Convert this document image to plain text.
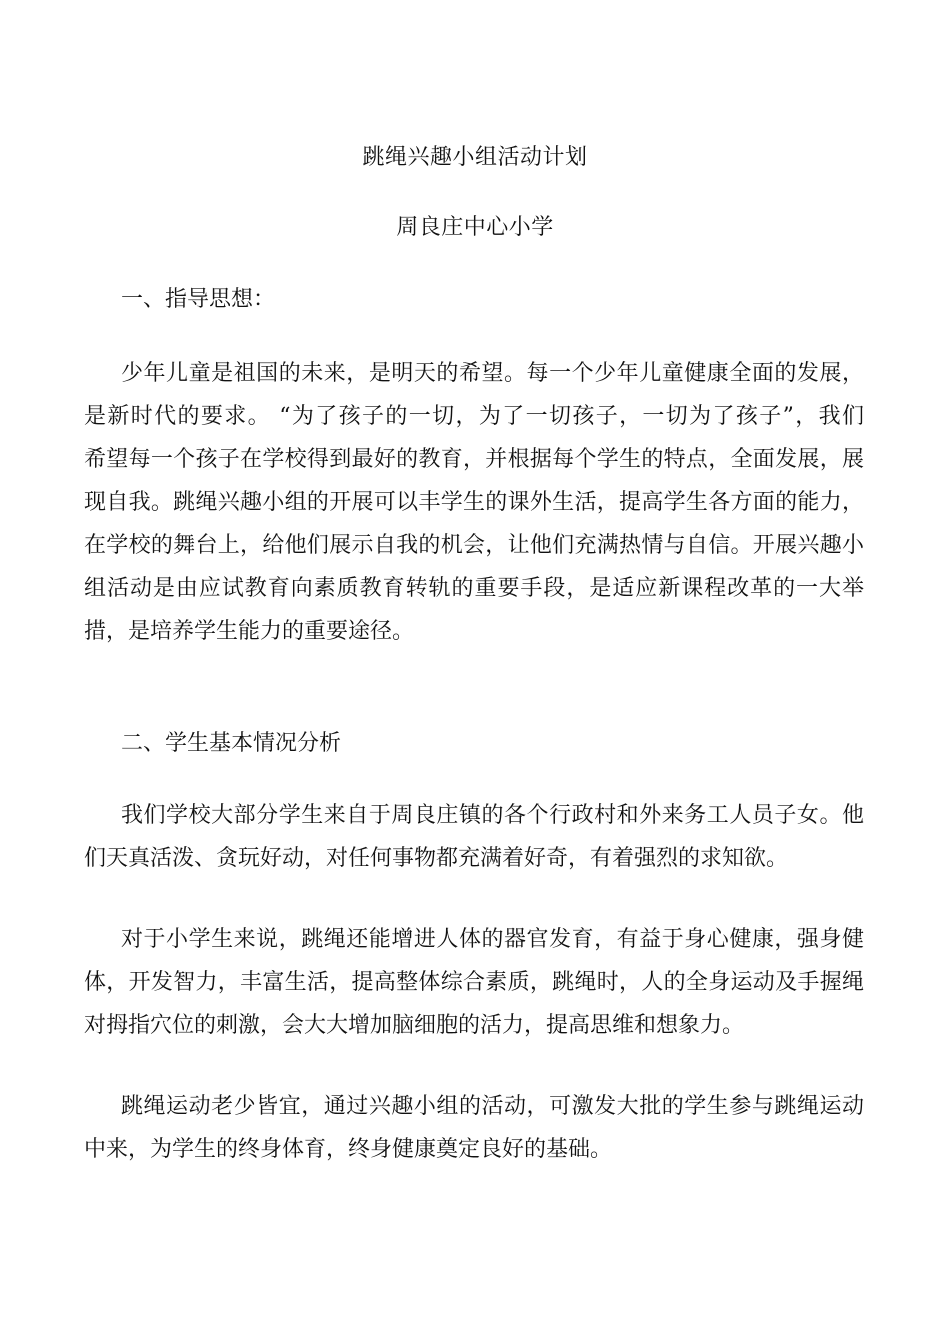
跳绳兴趣小组活动计划
周良庄中心小学
一、指导思想：
少年儿童是祖国的未来，是明天的希望。每一个少年儿童健康全面的发展，
是新时代的要求。 “为了孩子的一切，为了一切孩子，一切为了孩子”，我们
希望每一个孩子在学校得到最好的教育，并根据每个学生的特点，全面发展，展
现自我。跳绳兴趣小组的开展可以丰学生的课外生活，提高学生各方面的能力，
在学校的舞台上，给他们展示自我的机会，让他们充满热情与自信。开展兴趣小
组活动是由应试教育向素质教育转轨的重要手段，是适应新课程改革的一大举
措，是培养学生能力的重要途径。
二、学生基本情况分析
我们学校大部分学生来自于周良庄镇的各个行政村和外来务工人员子女。他
们天真活泼、贪玩好动，对任何事物都充满着好奇，有着强烈的求知欲。
对于小学生来说，跳绳还能增进人体的器官发育，有益于身心健康，强身健
体，开发智力，丰富生活，提高整体综合素质，跳绳时，人的全身运动及手握绳
对拇指穴位的刺激，会大大增加脑细胞的活力，提高思维和想象力。
跳绳运动老少皆宜，通过兴趣小组的活动，可激发大批的学生参与跳绳运动
中来，为学生的终身体育，终身健康奠定良好的基础。
